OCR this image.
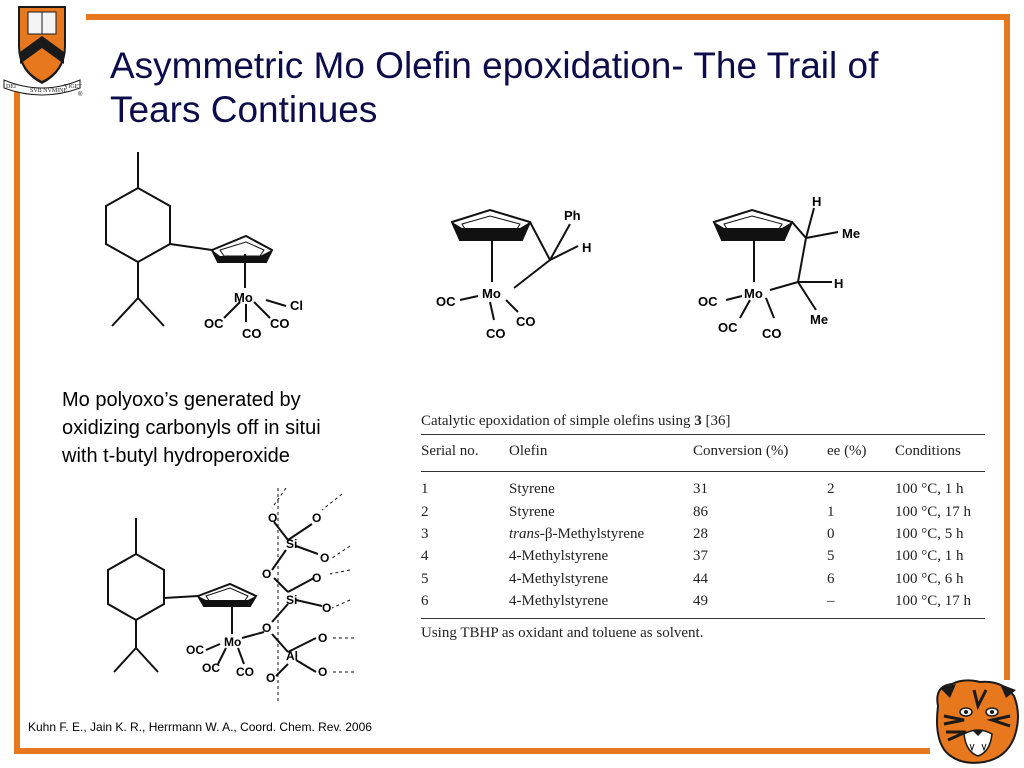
DEI
SVB NVMINE
VIGET
®
Asymmetric Mo Olefin epoxidation- The Trail of
Tears Continues
Mo
Cl
OC
CO
CO
Ph
H
Mo
OC
CO
CO
H
Me
H
Me
Mo
OC
OC CO
Mo polyoxo’s generated by
oxidizing carbonyls off in situi
with t-butyl hydroperoxide
O	O
Si
O
O	O
Si
O
O
O
Al
O
O
Mo
OC
OC CO
Catalytic epoxidation of simple olefins using 3 [36]
Serial no.	Olefin	Conversion (%)	ee (%)	Conditions
1	Styrene	31	2	100 °C, 1 h
2	Styrene	86	1	100 °C, 17 h
3	trans-β-Methylstyrene	28	0	100 °C, 5 h
4	4-Methylstyrene	37	5	100 °C, 1 h
5	4-Methylstyrene	44	6	100 °C, 6 h
6	4-Methylstyrene	49	–	100 °C, 17 h
Using TBHP as oxidant and toluene as solvent.
Kuhn F. E., Jain K. R., Herrmann W. A., Coord. Chem. Rev. 2006
